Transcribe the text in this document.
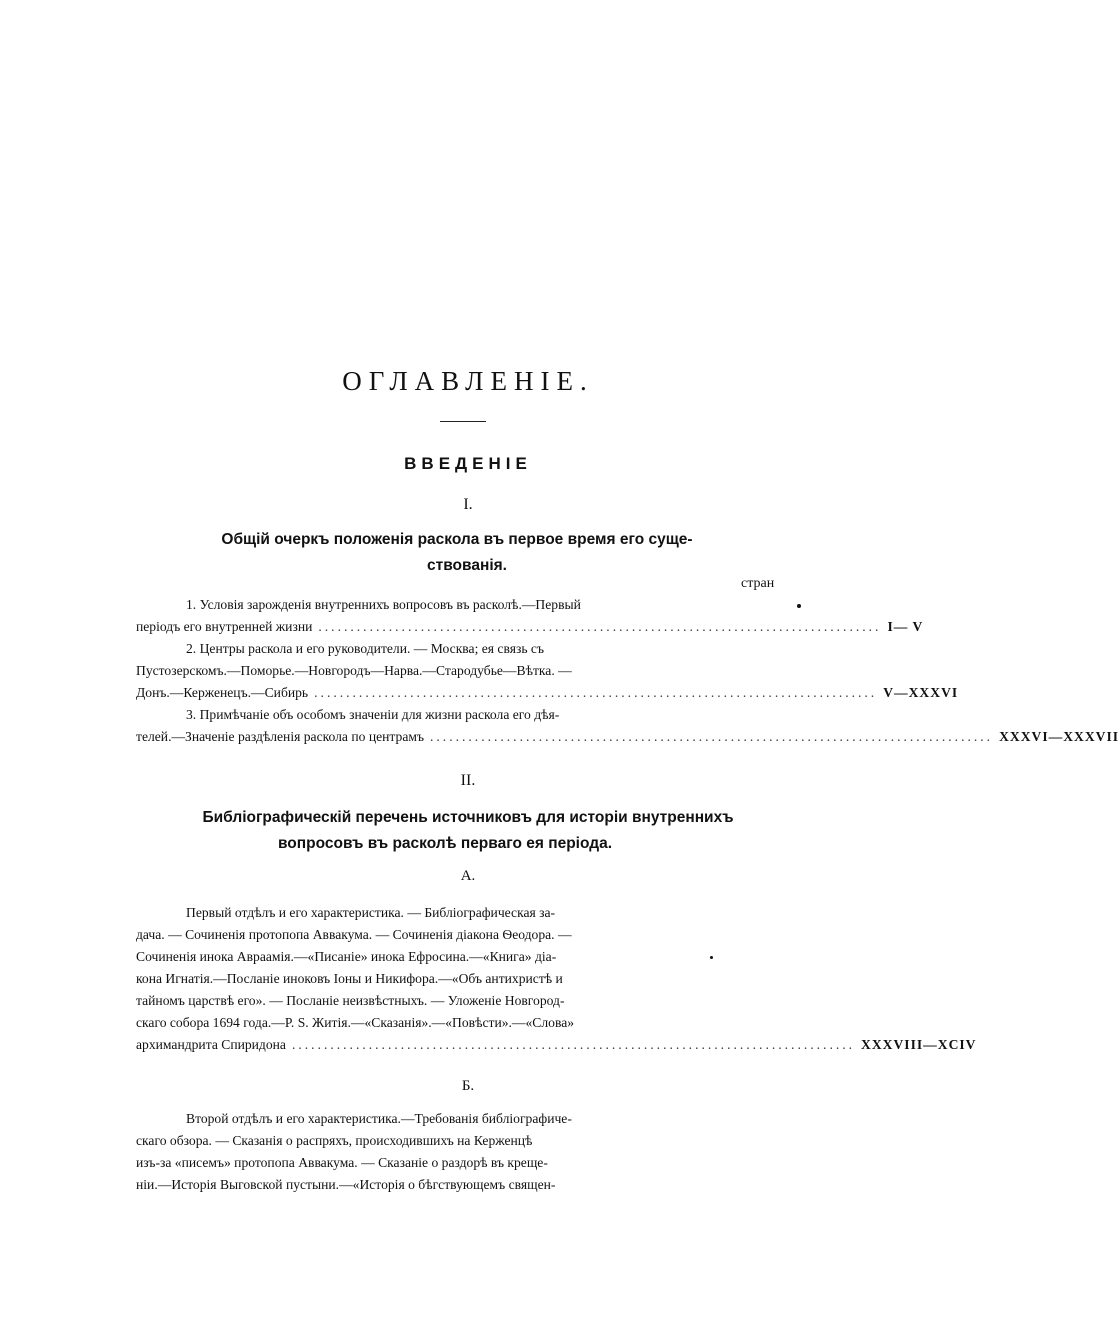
ОГЛАВЛЕНІЕ.
ВВЕДЕНІЕ
I.
Общій очеркъ положенія раскола въ первое время его суще-
ствованія.
стран
1. Условія зарожденія внутреннихъ вопросовъ въ расколѣ.—Первый
періодъ его внутренней жизни ........................................................................................ I— V
2. Центры раскола и его руководители. — Москва; ея связь съ
Пустозерскомъ.—Поморье.—Новгородъ—Нарва.—Стародубье—Вѣтка. —
Донъ.—Керженецъ.—Сибирь ........................................................................................ V—XXXVI
3. Примѣчаніе объ особомъ значеніи для жизни раскола его дѣя-
телей.—Значеніе раздѣленія раскола по центрамъ ........................................................................................ XXXVI—XXXVII
II.
Библіографическій перечень источниковъ для исторіи внутреннихъ
вопросовъ въ расколѣ перваго ея періода.
А.
Первый отдѣлъ и его характеристика. — Библіографическая за-
дача. — Сочиненія протопопа Аввакума. — Сочиненія діакона Ѳеодора. —
Сочиненія инока Авраамія.—«Писаніе» инока Ефросина.—«Книга» діа-
кона Игнатія.—Посланіе иноковъ Іоны и Никифора.—«Объ антихристѣ и
тайномъ царствѣ его». — Посланіе неизвѣстныхъ. — Уложеніе Новгород-
скаго собора 1694 года.—P. S. Житія.—«Сказанія».—«Повѣсти».—«Слова»
архимандрита Спиридона ........................................................................................ XXXVIII—XCIV
Б.
Второй отдѣлъ и его характеристика.—Требованія библіографиче-
скаго обзора. — Сказанія о распряхъ, происходившихъ на Керженцѣ
изъ-за «писемъ» протопопа Аввакума. — Сказаніе о раздорѣ въ крещe-
ніи.—Исторія Выговской пустыни.—«Исторія о бѣгствующемъ священ-
